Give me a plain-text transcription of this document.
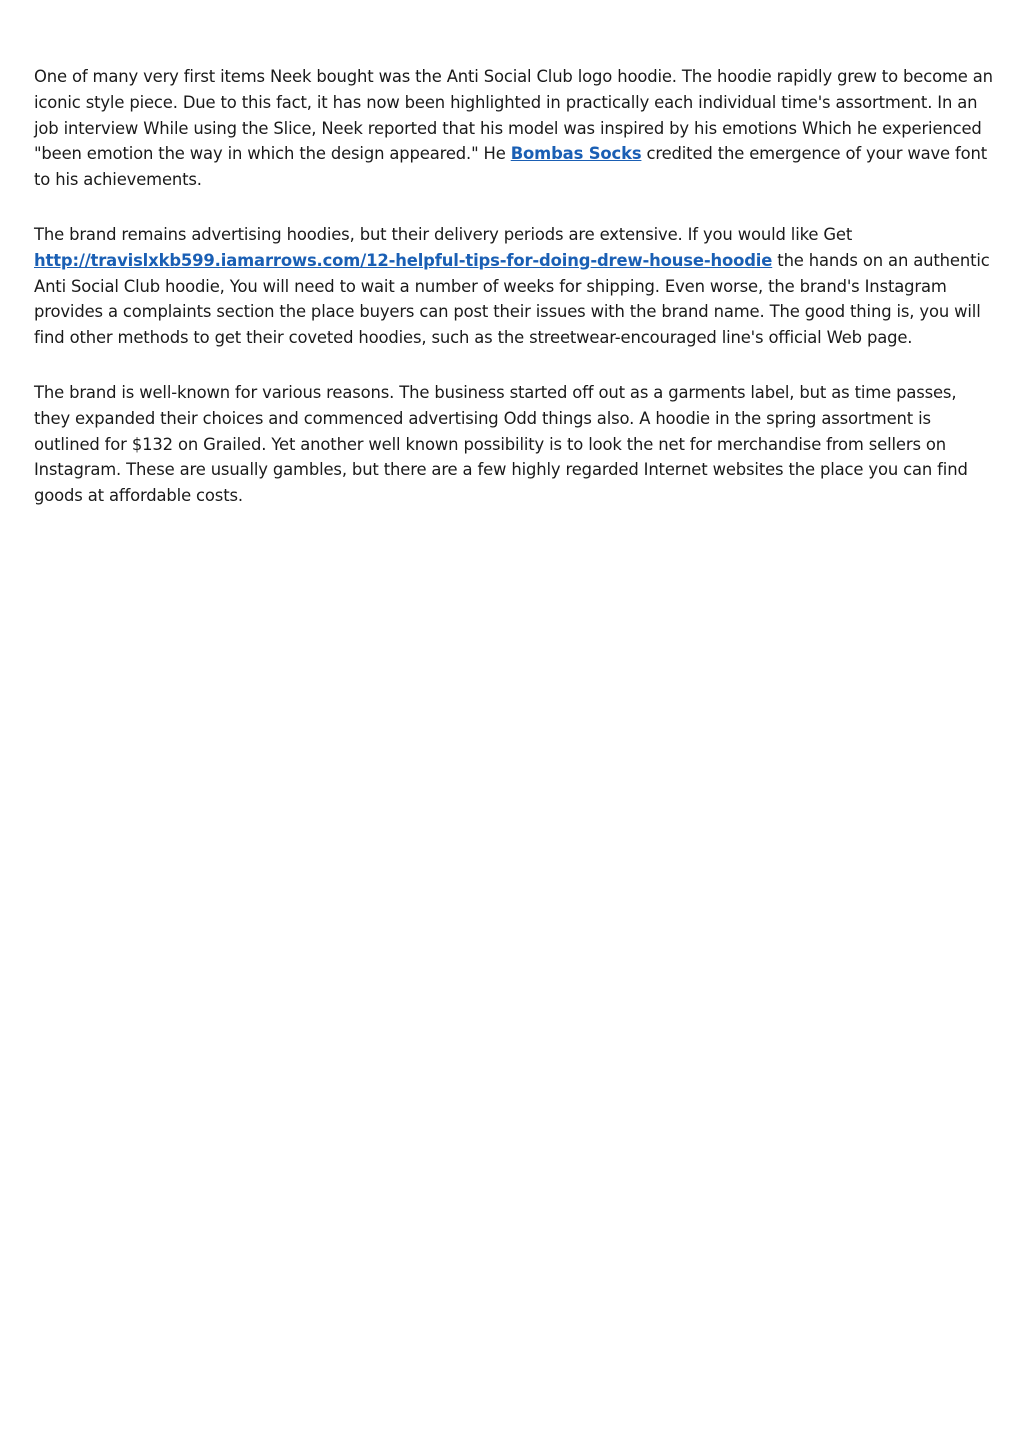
One of many very first items Neek bought was the Anti Social Club logo hoodie. The hoodie rapidly grew to become an iconic style piece. Due to this fact, it has now been highlighted in practically each individual time's assortment. In an job interview While using the Slice, Neek reported that his model was inspired by his emotions Which he experienced "been emotion the way in which the design appeared." He Bombas Socks credited the emergence of your wave font to his achievements.

The brand remains advertising hoodies, but their delivery periods are extensive. If you would like Get http://travislxkb599.iamarrows.com/12-helpful-tips-for-doing-drew-house-hoodie the hands on an authentic Anti Social Club hoodie, You will need to wait a number of weeks for shipping. Even worse, the brand's Instagram provides a complaints section the place buyers can post their issues with the brand name. The good thing is, you will find other methods to get their coveted hoodies, such as the streetwear-encouraged line's official Web page.

The brand is well-known for various reasons. The business started off out as a garments label, but as time passes, they expanded their choices and commenced advertising Odd things also. A hoodie in the spring assortment is outlined for $132 on Grailed. Yet another well known possibility is to look the net for merchandise from sellers on Instagram. These are usually gambles, but there are a few highly regarded Internet websites the place you can find goods at affordable costs.
